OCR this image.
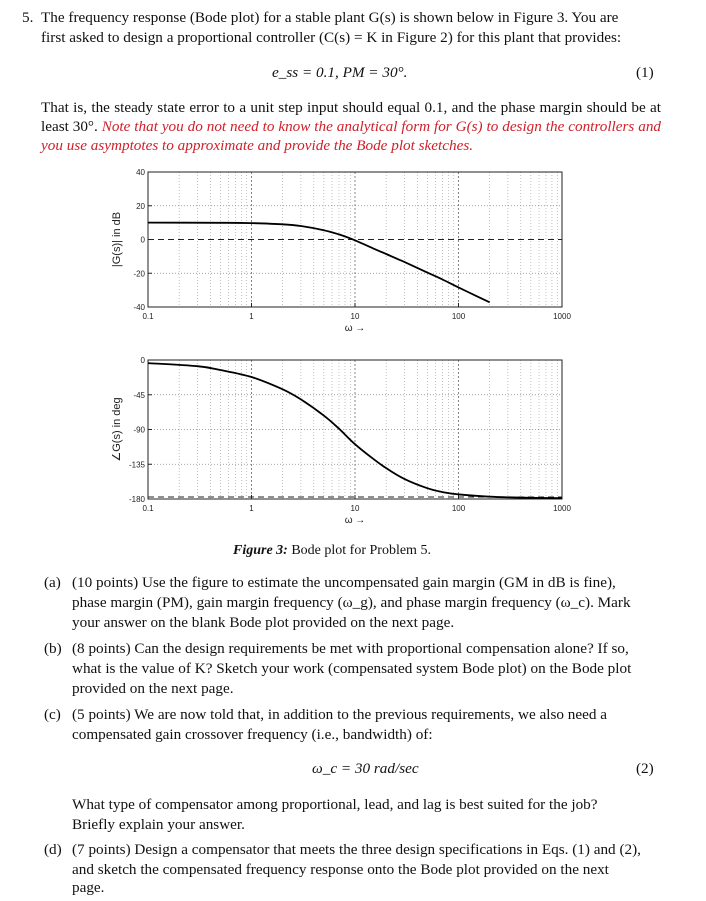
5. The frequency response (Bode plot) for a stable plant G(s) is shown below in Figure 3. You are
first asked to design a proportional controller (C(s) = K in Figure 2) for this plant that provides:
e_ss = 0.1, PM = 30°.	(1)
That is, the steady state error to a unit step input should equal 0.1, and the phase margin should be at least 30°. Note that you do not need to know the analytical form for G(s) to design the controllers and you use asymptotes to approximate and provide the Bode plot sketches.
40
20
0
-20
-40
0.1	1	10	100	1000
ω →
|G(s)| in dB
0
-45
-90
-135
-180
0.1	1	10	100	1000
ω →
∠G(s) in deg
Figure 3: Bode plot for Problem 5.
(a) (10 points) Use the figure to estimate the uncompensated gain margin (GM in dB is fine),
phase margin (PM), gain margin frequency (ω_g), and phase margin frequency (ω_c). Mark
your answer on the blank Bode plot provided on the next page.
(b) (8 points) Can the design requirements be met with proportional compensation alone? If so,
what is the value of K? Sketch your work (compensated system Bode plot) on the Bode plot
provided on the next page.
(c) (5 points) We are now told that, in addition to the previous requirements, we also need a
compensated gain crossover frequency (i.e., bandwidth) of:
ω_c = 30 rad/sec	(2)
What type of compensator among proportional, lead, and lag is best suited for the job?
Briefly explain your answer.
(d) (7 points) Design a compensator that meets the three design specifications in Eqs. (1) and (2),
and sketch the compensated frequency response onto the Bode plot provided on the next
page.
